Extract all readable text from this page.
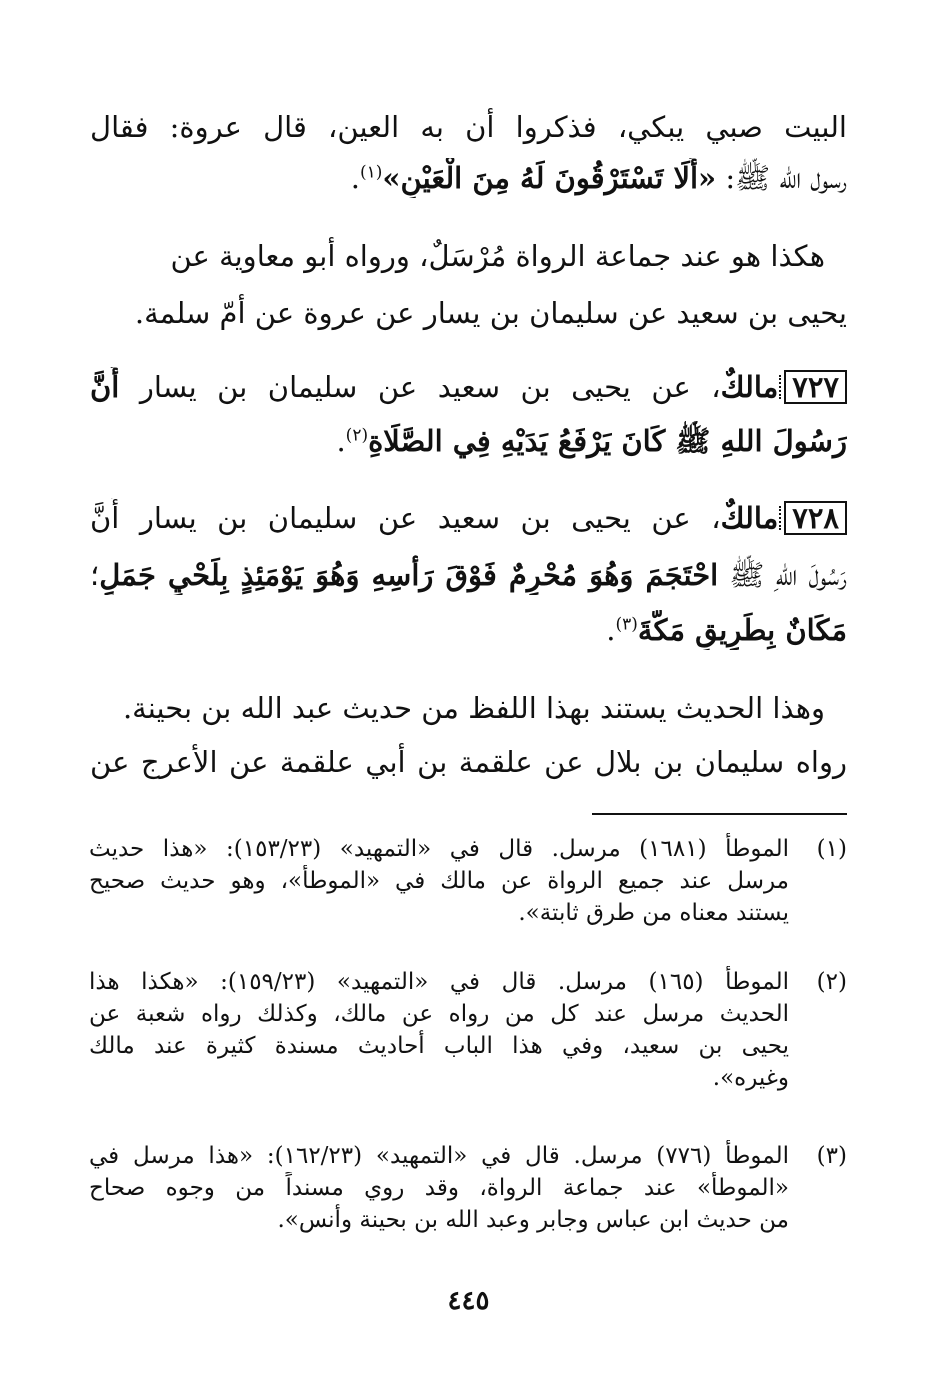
البيت صبي يبكي، فذكروا أن به العين، قال عروة: فقال
رسول الله ﷺ: «أَلَا تَسْتَرْقُونَ لَهُ مِنَ الْعَيْنِ»$^{(١)}$.
هكذا هو عند جماعة الرواة مُرْسَلٌ، ورواه أبو معاوية عن
يحيى بن سعيد عن سليمان بن يسار عن عروة عن أمّ سلمة.
٧٢٧مالكٌ، عن يحيى بن سعيد عن سليمان بن يسار أَنَّ
رَسُولَ اللهِ ﷺ كَانَ يَرْفَعُ يَدَيْهِ فِي الصَّلَاةِ$^{(٢)}$.
٧٢٨مالكٌ، عن يحيى بن سعيد عن سليمان بن يسار أَنَّ
رَسُولَ اللهِ ﷺ احْتَجَمَ وَهُوَ مُحْرِمٌ فَوْقَ رَأْسِهِ وَهُوَ يَوْمَئِذٍ بِلَحْيِ جَمَلٍ؛
مَكَانٌ بِطَرِيقِ مَكَّةَ$^{(٣)}$.
وهذا الحديث يستند بهذا اللفظ من حديث عبد الله بن بحينة.
رواه سليمان بن بلال عن علقمة بن أبي علقمة عن الأعرج عن
(١)
الموطأ (١٦٨١) مرسل. قال في «التمهيد» (١٥٣/٢٣): «هذا حديث
مرسل عند جميع الرواة عن مالك في «الموطأ»، وهو حديث صحيح
يستند معناه من طرق ثابتة».
(٢)
الموطأ (١٦٥) مرسل. قال في «التمهيد» (١٥٩/٢٣): «هكذا هذا
الحديث مرسل عند كل من رواه عن مالك، وكذلك رواه شعبة عن
يحيى بن سعيد، وفي هذا الباب أحاديث مسندة كثيرة عند مالك
وغيره».
(٣)
الموطأ (٧٧٦) مرسل. قال في «التمهيد» (١٦٢/٢٣): «هذا مرسل في
«الموطأ» عند جماعة الرواة، وقد روي مسنداً من وجوه صحاح
من حديث ابن عباس وجابر وعبد الله بن بحينة وأنس».
٤٤٥
